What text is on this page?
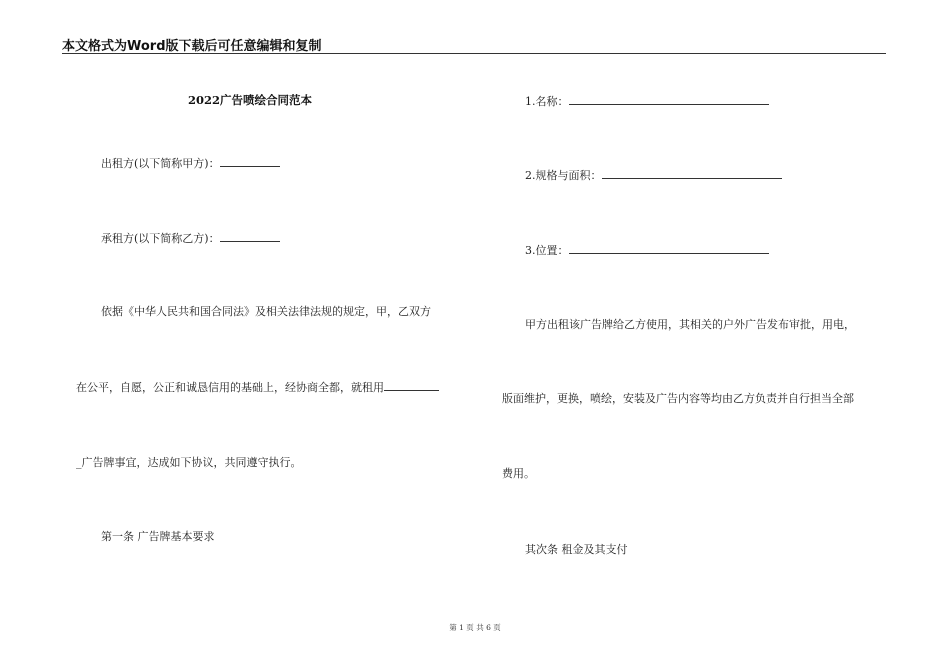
本文格式为Word版下载后可任意编辑和复制
2022广告喷绘合同范本
出租方(以下简称甲方)：
承租方(以下简称乙方)：
依据《中华人民共和国合同法》及相关法律法规的规定，甲，乙双方
在公平，自愿，公正和诚恳信用的基础上，经协商全都，就租用
_广告牌事宜，达成如下协议，共同遵守执行。
第一条 广告牌基本要求
1.名称：
2.规格与面积：
3.位置：
甲方出租该广告牌给乙方使用，其相关的户外广告发布审批，用电，
版面维护，更换，喷绘，安装及广告内容等均由乙方负责并自行担当全部
费用。
其次条 租金及其支付
第 1 页 共 6 页
